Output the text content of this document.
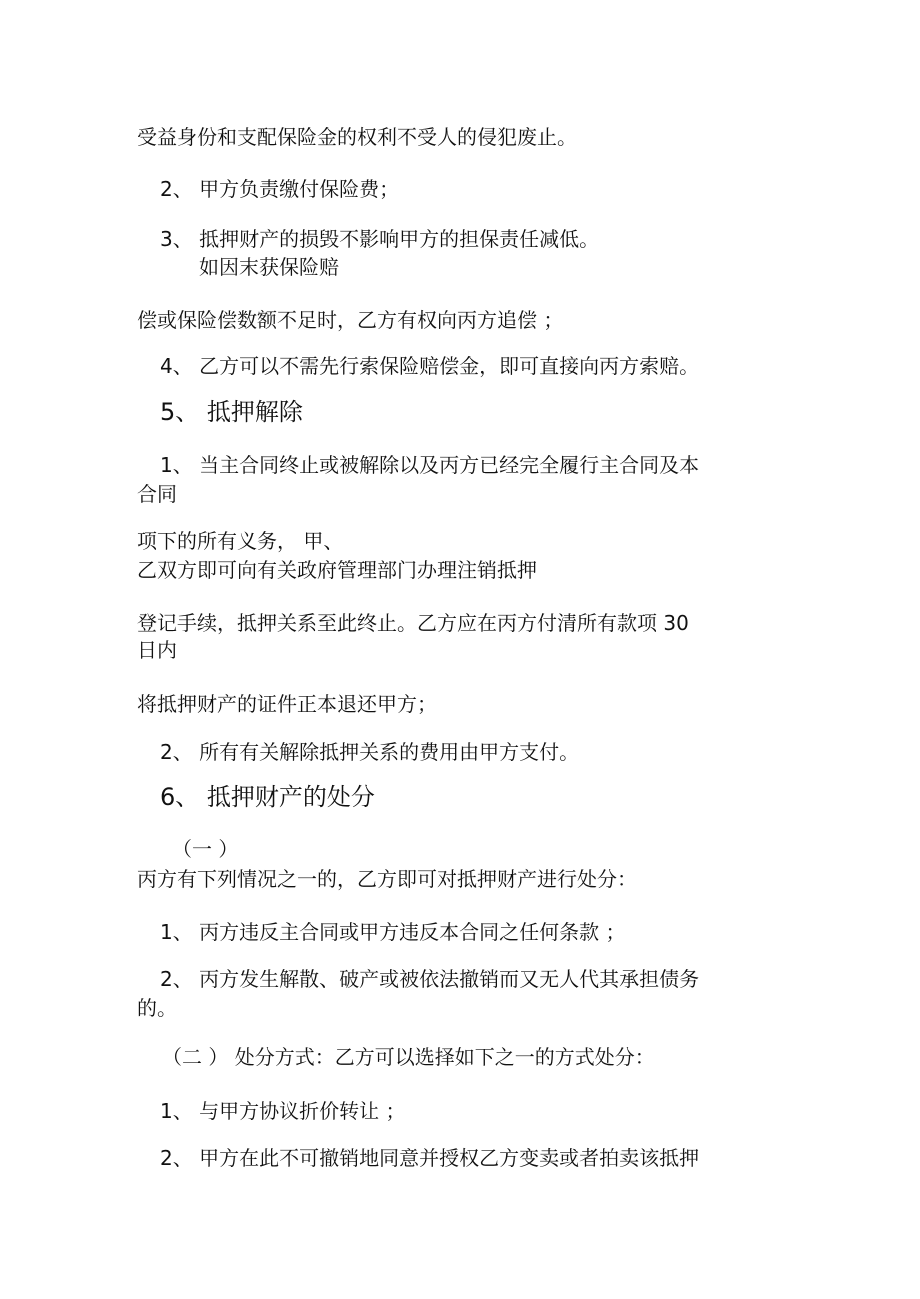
受益身份和支配保险金的权利不受人的侵犯废止。

2、 甲方负责缴付保险费；

3、 抵押财产的损毁不影响甲方的担保责任减低。

如因末获保险赔

偿或保险偿数额不足时，乙方有权向丙方追偿 ；

4、 乙方可以不需先行索保险赔偿金，即可直接向丙方索赔。

5、 抵押解除

1、 当主合同终止或被解除以及丙方已经完全履行主合同及本

合同

项下的所有义务， 甲、

乙双方即可向有关政府管理部门办理注销抵押

登记手续，抵押关系至此终止。乙方应在丙方付清所有款项 30

日内

将抵押财产的证件正本退还甲方；

2、 所有有关解除抵押关系的费用由甲方支付。

6、 抵押财产的处分

（一 ）

丙方有下列情况之一的，乙方即可对抵押财产进行处分：

1、 丙方违反主合同或甲方违反本合同之任何条款 ；

2、 丙方发生解散、破产或被依法撤销而又无人代其承担债务

的。

（二 ） 处分方式：乙方可以选择如下之一的方式处分：

1、 与甲方协议折价转让 ；

2、 甲方在此不可撤销地同意并授权乙方变卖或者拍卖该抵押
